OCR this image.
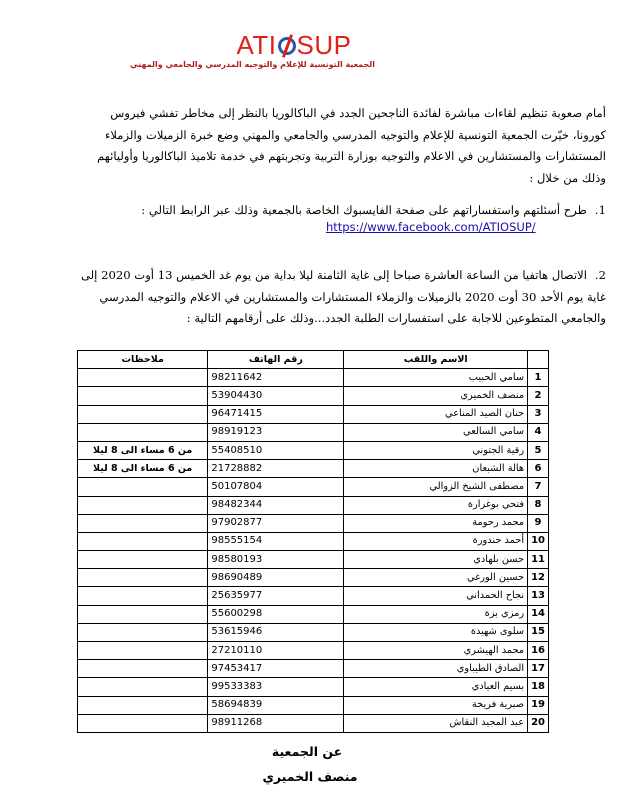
ATI SUP
الجمعية التونسية للإعلام والتوجيه المدرسي والجامعي والمهني
أمام صعوبة تنظيم لقاءات مباشرة لفائدة الناجحين الجدد في الباكالوريا بالنظر إلى مخاطر تفشي فيروس كورونا، خيّرت الجمعية التونسية للإعلام والتوجيه المدرسي والجامعي والمهني وضع خبرة الزميلات والزملاء المستشارات والمستشارين في الاعلام والتوجيه بوزارة التربية وتجربتهم في خدمة تلاميذ الباكالوريا وأوليائهم وذلك من خلال :
1.طرح أسئلتهم واستفساراتهم على صفحة الفايسبوك الخاصة بالجمعية وذلك عبر الرابط التالي :
https://www.facebook.com/ATIOSUP/
2.الاتصال هاتفيا من الساعة العاشرة صباحا إلى غاية الثامنة ليلا بداية من يوم غد الخميس 13 أوت 2020 إلى غاية يوم الأحد 30 أوت 2020 بالزميلات والزملاء المستشارات والمستشارين في الاعلام والتوجيه المدرسي والجامعي المتطوعين للاجابة على استفسارات الطلبة الجدد...وذلك على أرقامهم التالية :
	الاسم واللقب	رقم الهاتف	ملاحظات
1	سامي الحبيب	98211642	
2	منصف الخميري	53904430	
3	حنان الصيد المناعي	96471415	
4	سامي السالعي	98919123	
5	رقية الجتوني	55408510	من 6 مساء الى 8 ليلا
6	هالة الشبعان	21728882	من 6 مساء الى 8 ليلا
7	مصطفى الشيخ الزوالي	50107804	
8	فتحي بوغرارة	98482344	
9	محمد رحومة	97902877	
10	أحمد حندورة	98555154	
11	حسن بلهادي	98580193	
12	حسين الورغي	98690489	
13	نجاح الحمداني	25635977	
14	رمزي بزة	55600298	
15	سلوى شهيدة	53615946	
16	محمد الهيشري	27210110	
17	الصادق الطيباوي	97453417	
18	بسيم العيادي	99533383	
19	صبرية فريخة	58694839	
20	عبد المجيد النقاش	98911268	
عن الجمعية
منصف الخميري
